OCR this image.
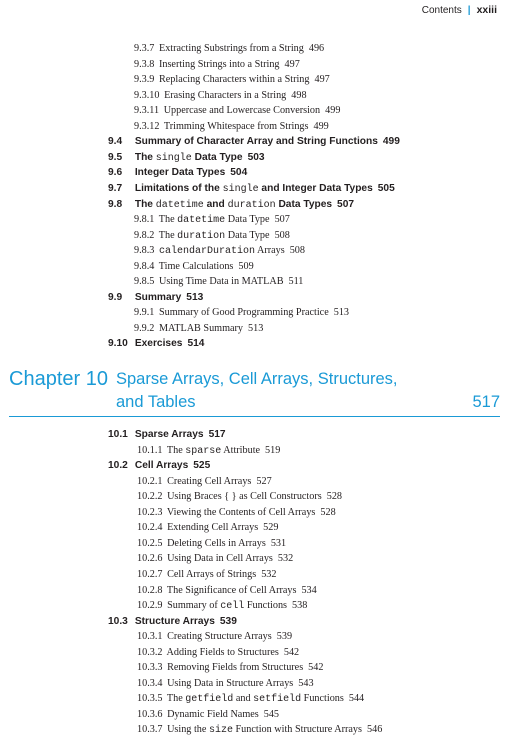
Contents | xxiii
9.3.7  Extracting Substrings from a String 496
9.3.8  Inserting Strings into a String 497
9.3.9  Replacing Characters within a String 497
9.3.10  Erasing Characters in a String 498
9.3.11  Uppercase and Lowercase Conversion 499
9.3.12  Trimming Whitespace from Strings 499
9.4 Summary of Character Array and String Functions 499
9.5 The single Data Type 503
9.6 Integer Data Types 504
9.7 Limitations of the single and Integer Data Types 505
9.8 The datetime and duration Data Types 507
9.8.1  The datetime Data Type 507
9.8.2  The duration Data Type 508
9.8.3  calendarDuration Arrays 508
9.8.4  Time Calculations 509
9.8.5  Using Time Data in MATLAB 511
9.9 Summary 513
9.9.1  Summary of Good Programming Practice 513
9.9.2  MATLAB Summary 513
9.10 Exercises 514
Chapter 10 Sparse Arrays, Cell Arrays, Structures,
and Tables	517
10.1 Sparse Arrays 517
10.1.1  The sparse Attribute 519
10.2 Cell Arrays 525
10.2.1  Creating Cell Arrays 527
10.2.2  Using Braces { } as Cell Constructors 528
10.2.3  Viewing the Contents of Cell Arrays 528
10.2.4  Extending Cell Arrays 529
10.2.5  Deleting Cells in Arrays 531
10.2.6  Using Data in Cell Arrays 532
10.2.7  Cell Arrays of Strings 532
10.2.8  The Significance of Cell Arrays 534
10.2.9  Summary of cell Functions 538
10.3 Structure Arrays 539
10.3.1  Creating Structure Arrays 539
10.3.2  Adding Fields to Structures 542
10.3.3  Removing Fields from Structures 542
10.3.4  Using Data in Structure Arrays 543
10.3.5  The getfield and setfield Functions 544
10.3.6  Dynamic Field Names 545
10.3.7  Using the size Function with Structure Arrays 546
